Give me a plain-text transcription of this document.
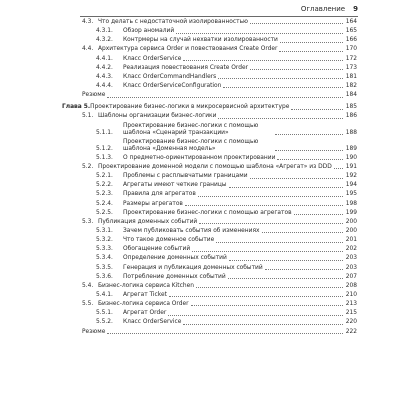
Оглавление 9
4.3. Что делать с недостаточной изолированностью	164
4.3.1.	Обзор аномалий	165
4.3.2.	Контрмеры на случай нехватки изолированности	166
4.4. Архитектура сервиса Order и повествования Create Order	170
4.4.1.	Класс OrderService	172
4.4.2.	Реализация повествования Create Order	173
4.4.3.	Класс OrderCommandHandlers	181
4.4.4.	Класс OrderServiceConfiguration	182
Резюме	184
Глава 5. Проектирование бизнес-логики в микросервисной архитектуре	185
5.1. Шаблоны организации бизнес-логики	186
5.1.1.
Проектирование бизнес-логики с помощью шаблона «Сценарий транзакции»	188
5.1.2.
Проектирование бизнес-логики с помощью шаблона «Доменная модель»	189
5.1.3.	О предметно-ориентированном проектировании	190
5.2. Проектирование доменной модели с помощью шаблона «Агрегат» из DDD 191
5.2.1.	Проблемы с расплывчатыми границами	192
5.2.2.	Агрегаты имеют четкие границы	194
5.2.3.	Правила для агрегатов	195
5.2.4.	Размеры агрегатов	198
5.2.5.	Проектирование бизнес-логики с помощью агрегатов	199
5.3. Публикация доменных событий	200
5.3.1.	Зачем публиковать события об изменениях	200
5.3.2.	Что такое доменное событие	201
5.3.3.	Обогащение событий	202
5.3.4.	Определение доменных событий	203
5.3.5.	Генерация и публикация доменных событий	203
5.3.6.	Потребление доменных событий	207
5.4. Бизнес-логика сервиса Kitchen	208
5.4.1.	Агрегат Ticket	210
5.5. Бизнес-логика сервиса Order	213
5.5.1.	Агрегат Order	215
5.5.2.	Класс OrderService	220
Резюме	222
